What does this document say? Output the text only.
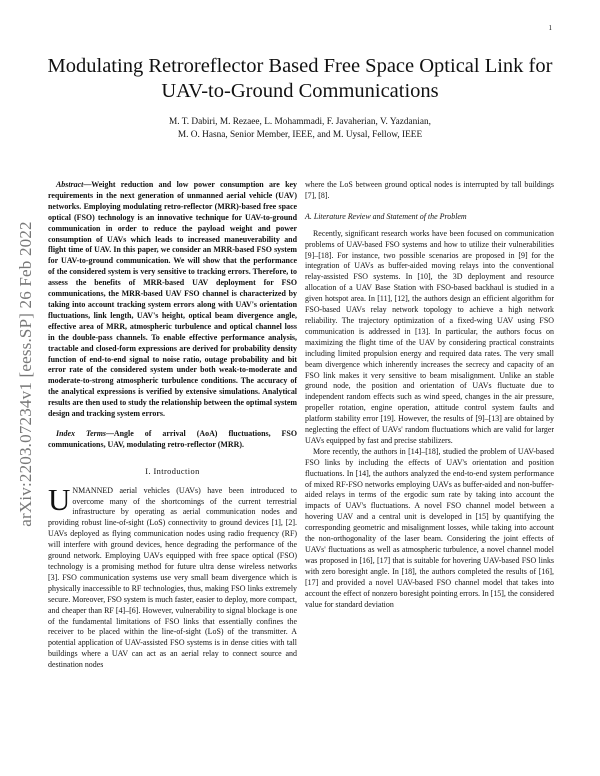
1
arXiv:2203.07234v1 [eess.SP] 26 Feb 2022
Modulating Retroreflector Based Free Space Optical Link for UAV-to-Ground Communications
M. T. Dabiri, M. Rezaee, L. Mohammadi, F. Javaherian, V. Yazdanian,
M. O. Hasna, Senior Member, IEEE, and M. Uysal, Fellow, IEEE

Abstract—Weight reduction and low power consumption are key requirements in the next generation of unmanned aerial vehicle (UAV) networks. Employing modulating retro-reflector (MRR)-based free space optical (FSO) technology is an innovative technique for UAV-to-ground communication in order to reduce the payload weight and power consumption of UAVs which leads to increased maneuverability and flight time of UAV. In this paper, we consider an MRR-based FSO system for UAV-to-ground communication. We will show that the performance of the considered system is very sensitive to tracking errors. Therefore, to assess the benefits of MRR-based UAV deployment for FSO communications, the MRR-based UAV FSO channel is characterized by taking into account tracking system errors along with UAV's orientation fluctuations, link length, UAV's height, optical beam divergence angle, effective area of MRR, atmospheric turbulence and optical channel loss in the double-pass channels. To enable effective performance analysis, tractable and closed-form expressions are derived for probability density function of end-to-end signal to noise ratio, outage probability and bit error rate of the considered system under both weak-to-moderate and moderate-to-strong atmospheric turbulence conditions. The accuracy of the analytical expressions is verified by extensive simulations. Analytical results are then used to study the relationship between the optimal system design and tracking system errors.

Index Terms—Angle of arrival (AoA) fluctuations, FSO communications, UAV, modulating retro-reflector (MRR).

I. Introduction

UNMANNED aerial vehicles (UAVs) have been introduced to overcome many of the shortcomings of the current terrestrial infrastructure by operating as aerial communication nodes and providing robust line-of-sight (LoS) connectivity to ground devices [1], [2]. UAVs deployed as flying communication nodes using radio frequency (RF) will interfere with ground devices, hence degrading the performance of the ground network. Employing UAVs equipped with free space optical (FSO) technology is a promising method for future ultra dense wireless networks [3]. FSO communication systems use very small beam divergence which is physically inaccessible to RF technologies, thus, making FSO links extremely secure. Moreover, FSO system is much faster, easier to deploy, more compact, and cheaper than RF [4]–[6]. However, vulnerability to signal blockage is one of the fundamental limitations of FSO links that essentially confines the receiver to be placed within the line-of-sight (LoS) of the transmitter. A potential application of UAV-assisted FSO systems is in dense cities with tall buildings where a UAV can act as an aerial relay to connect source and destination nodes

where the LoS between ground optical nodes is interrupted by tall buildings [7], [8].

A. Literature Review and Statement of the Problem

Recently, significant research works have been focused on communication problems of UAV-based FSO systems and how to utilize their vulnerabilities [9]–[18]. For instance, two possible scenarios are proposed in [9] for the integration of UAVs as buffer-aided moving relays into the conventional relay-assisted FSO systems. In [10], the 3D deployment and resource allocation of a UAV Base Station with FSO-based backhaul is studied in a given hotspot area. In [11], [12], the authors design an efficient algorithm for FSO-based UAVs relay network topology to achieve a high network reliability. The trajectory optimization of a fixed-wing UAV using FSO communication is addressed in [13]. In particular, the authors focus on maximizing the flight time of the UAV by considering practical constraints including limited propulsion energy and required data rates. The very small beam divergence which inherently increases the secrecy and capacity of an FSO link makes it very sensitive to beam misalignment. Unlike an stable ground node, the position and orientation of UAVs fluctuate due to independent random effects such as wind speed, changes in the air pressure, propeller rotation, engine operation, attitude control system faults and platform stability error [19]. However, the results of [9]–[13] are obtained by neglecting the effect of UAVs' random fluctuations which are valid for larger UAVs equipped by fast and precise stabilizers.

More recently, the authors in [14]–[18], studied the problem of UAV-based FSO links by including the effects of UAV's orientation and position fluctuations. In [14], the authors analyzed the end-to-end system performance of mixed RF-FSO networks employing UAVs as buffer-aided and non-buffer-aided relays in terms of the ergodic sum rate by taking into account the impacts of UAV's fluctuations. A novel FSO channel model between a hovering UAV and a central unit is developed in [15] by quantifying the corresponding geometric and misalignment losses, while taking into account the non-orthogonality of the laser beam. Considering the joint effects of UAVs' fluctuations as well as atmospheric turbulence, a novel channel model was proposed in [16], [17] that is suitable for hovering UAV-based FSO links with zero boresight angle. In [18], the authors completed the results of [16], [17] and provided a novel UAV-based FSO channel model that takes into account the effect of nonzero boresight pointing errors. In [15], the considered value for standard deviation
